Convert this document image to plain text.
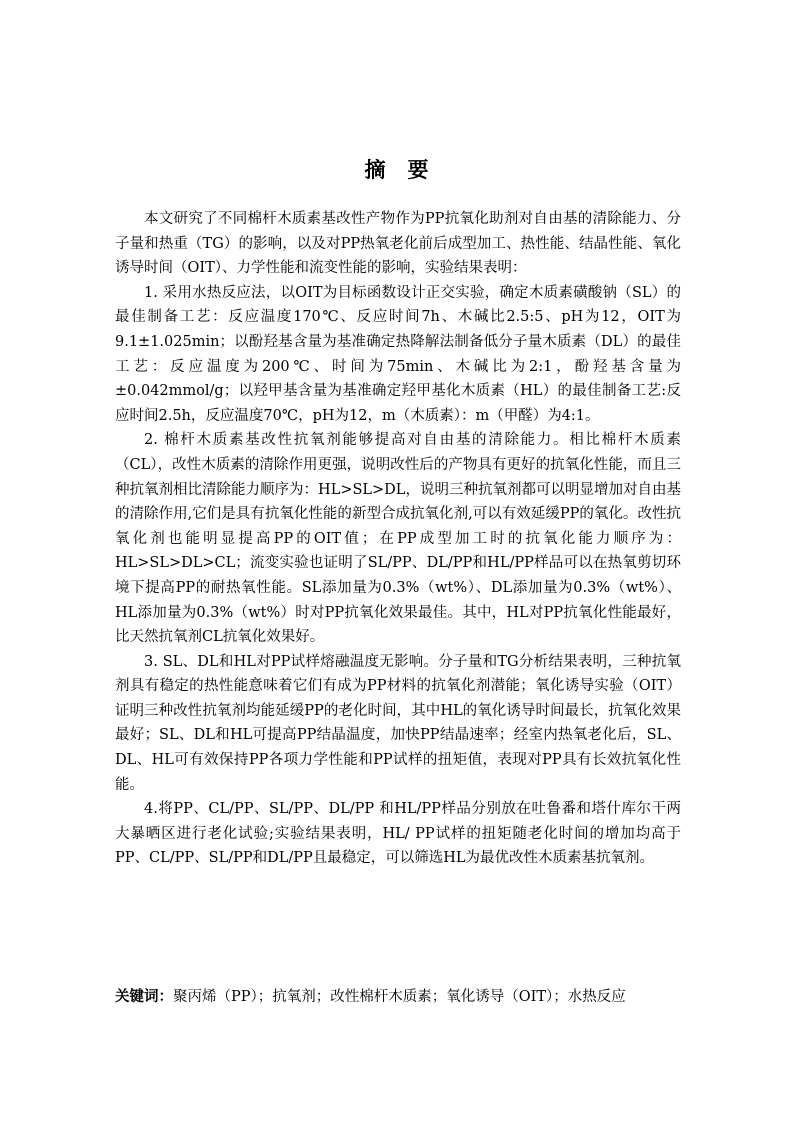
摘要

本文研究了不同棉杆木质素基改性产物作为PP抗氧化助剂对自由基的清除能力、分子量和热重（TG）的影响，以及对PP热氧老化前后成型加工、热性能、结晶性能、氧化诱导时间（OIT）、力学性能和流变性能的影响，实验结果表明：

1. 采用水热反应法，以OIT为目标函数设计正交实验，确定木质素磺酸钠（SL）的最佳制备工艺：反应温度170℃、反应时间7h、木碱比2.5:5、pH为12，OIT为9.1±1.025min；以酚羟基含量为基准确定热降解法制备低分子量木质素（DL）的最佳工艺：反应温度为200℃、时间为75min、木碱比为2:1，酚羟基含量为±0.042mmol/g；以羟甲基含量为基准确定羟甲基化木质素（HL）的最佳制备工艺:反应时间2.5h，反应温度70℃，pH为12，m（木质素）：m（甲醛）为4:1。

2. 棉杆木质素基改性抗氧剂能够提高对自由基的清除能力。相比棉杆木质素（CL），改性木质素的清除作用更强，说明改性后的产物具有更好的抗氧化性能，而且三种抗氧剂相比清除能力顺序为：HL>SL>DL，说明三种抗氧剂都可以明显增加对自由基的清除作用,它们是具有抗氧化性能的新型合成抗氧化剂,可以有效延缓PP的氧化。改性抗氧化剂也能明显提高PP的OIT值；在PP成型加工时的抗氧化能力顺序为：HL>SL>DL>CL；流变实验也证明了SL/PP、DL/PP和HL/PP样品可以在热氧剪切环境下提高PP的耐热氧性能。SL添加量为0.3%（wt%）、DL添加量为0.3%（wt%）、HL添加量为0.3%（wt%）时对PP抗氧化效果最佳。其中，HL对PP抗氧化性能最好，比天然抗氧剂CL抗氧化效果好。

3. SL、DL和HL对PP试样熔融温度无影响。分子量和TG分析结果表明，三种抗氧剂具有稳定的热性能意味着它们有成为PP材料的抗氧化剂潜能；氧化诱导实验（OIT）证明三种改性抗氧剂均能延缓PP的老化时间，其中HL的氧化诱导时间最长，抗氧化效果最好；SL、DL和HL可提高PP结晶温度，加快PP结晶速率；经室内热氧老化后，SL、DL、HL可有效保持PP各项力学性能和PP试样的扭矩值，表现对PP具有长效抗氧化性能。

4.将PP、CL/PP、SL/PP、DL/PP 和HL/PP样品分别放在吐鲁番和塔什库尔干两大暴晒区进行老化试验;实验结果表明，HL/ PP试样的扭矩随老化时间的增加均高于PP、CL/PP、SL/PP和DL/PP且最稳定，可以筛选HL为最优改性木质素基抗氧剂。

关键词：聚丙烯（PP）；抗氧剂；改性棉杆木质素；氧化诱导（OIT）；水热反应
